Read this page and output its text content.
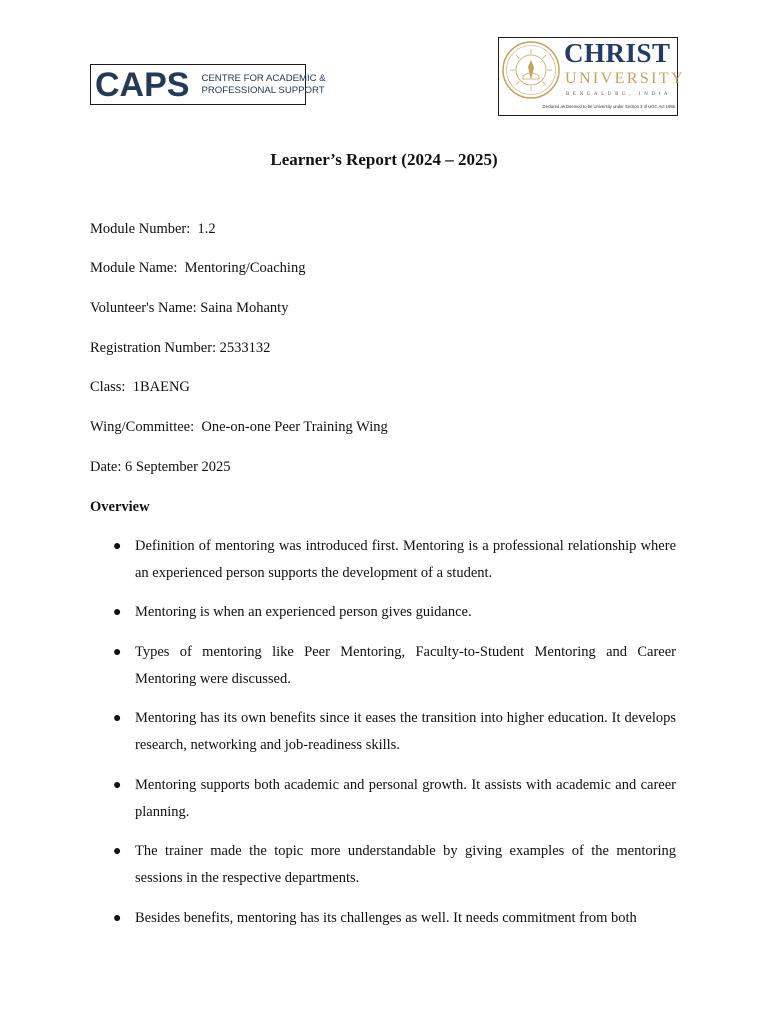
CAPS CENTRE FOR ACADEMIC &
PROFESSIONAL SUPPORT
CHRIST
UNIVERSITY
BENGALURU, INDIA
Declared as Deemed to be University under Section 3 of UGC Act 1956
Learner’s Report (2024 – 2025)
Module Number:  1.2
Module Name:  Mentoring/Coaching
Volunteer's Name: Saina Mohanty
Registration Number: 2533132
Class:  1BAENG
Wing/Committee:  One-on-one Peer Training Wing
Date: 6 September 2025
Overview
● Definition of mentoring was introduced first. Mentoring is a professional relationship where an experienced person supports the development of a student.
● Mentoring is when an experienced person gives guidance.
● Types of mentoring like Peer Mentoring, Faculty-to-Student Mentoring and Career Mentoring were discussed.
● Mentoring has its own benefits since it eases the transition into higher education. It develops research, networking and job-readiness skills.
● Mentoring supports both academic and personal growth. It assists with academic and career planning.
● The trainer made the topic more understandable by giving examples of the mentoring sessions in the respective departments.
● Besides benefits, mentoring has its challenges as well. It needs commitment from both
